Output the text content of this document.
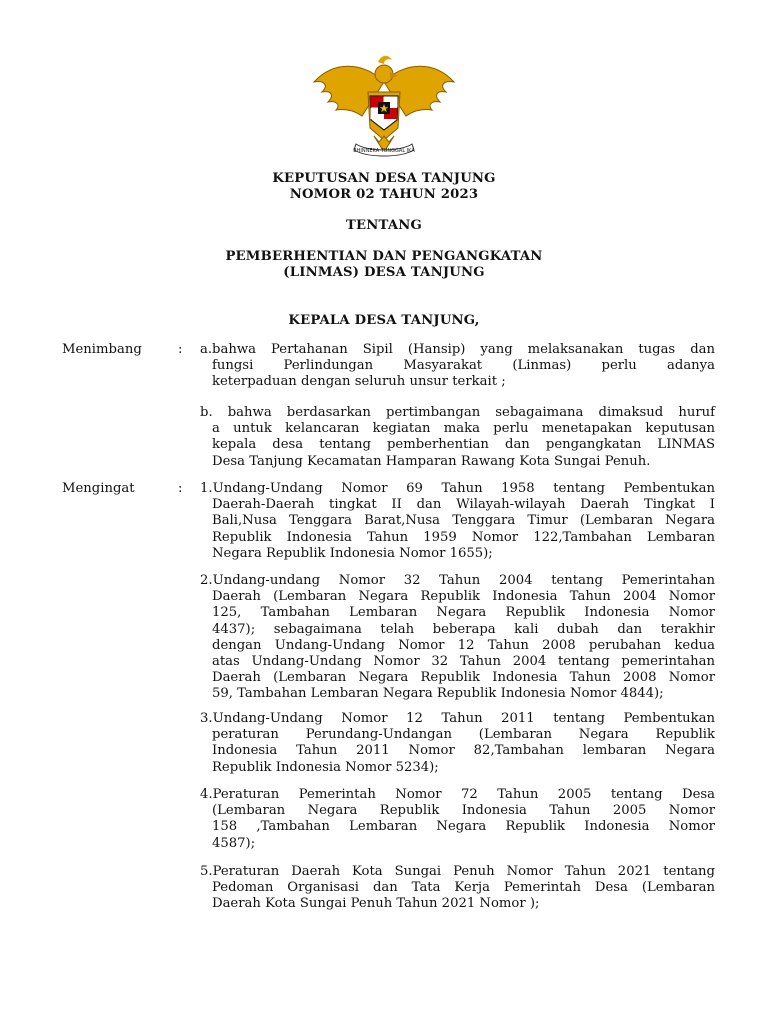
BHINNEKA TUNGGAL IKA
KEPUTUSAN DESA TANJUNG
NOMOR 02 TAHUN 2023
TENTANG
PEMBERHENTIAN DAN PENGANGKATAN
(LINMAS) DESA TANJUNG
KEPALA DESA TANJUNG,
Menimbang	: a.bahwa Pertahanan Sipil (Hansip) yang melaksanakan tugas dan
fungsi Perlindungan Masyarakat (Linmas) perlu adanya
keterpaduan dengan seluruh unsur terkait ;
b. bahwa berdasarkan pertimbangan sebagaimana dimaksud huruf
a untuk kelancaran kegiatan maka perlu menetapakan keputusan
kepala desa tentang pemberhentian dan pengangkatan LINMAS
Desa Tanjung Kecamatan Hamparan Rawang Kota Sungai Penuh.
Mengingat	: 1.Undang-Undang Nomor 69 Tahun 1958 tentang Pembentukan
Daerah-Daerah tingkat II dan Wilayah-wilayah Daerah Tingkat I
Bali,Nusa Tenggara Barat,Nusa Tenggara Timur (Lembaran Negara
Republik Indonesia Tahun 1959 Nomor 122,Tambahan Lembaran
Negara Republik Indonesia Nomor 1655);
2.Undang-undang Nomor 32 Tahun 2004 tentang Pemerintahan
Daerah (Lembaran Negara Republik Indonesia Tahun 2004 Nomor
125, Tambahan Lembaran Negara Republik Indonesia Nomor
4437); sebagaimana telah beberapa kali dubah dan terakhir
dengan Undang-Undang Nomor 12 Tahun 2008 perubahan kedua
atas Undang-Undang Nomor 32 Tahun 2004 tentang pemerintahan
Daerah (Lembaran Negara Republik Indonesia Tahun 2008 Nomor
59, Tambahan Lembaran Negara Republik Indonesia Nomor 4844);
3.Undang-Undang Nomor 12 Tahun 2011 tentang Pembentukan
peraturan Perundang-Undangan (Lembaran Negara Republik
Indonesia Tahun 2011 Nomor 82,Tambahan lembaran Negara
Republik Indonesia Nomor 5234);
4.Peraturan Pemerintah Nomor 72 Tahun 2005 tentang Desa
(Lembaran Negara Republik Indonesia Tahun 2005 Nomor
158 ,Tambahan Lembaran Negara Republik Indonesia Nomor
4587);
5.Peraturan Daerah Kota Sungai Penuh Nomor Tahun 2021 tentang
Pedoman Organisasi dan Tata Kerja Pemerintah Desa (Lembaran
Daerah Kota Sungai Penuh Tahun 2021 Nomor );
